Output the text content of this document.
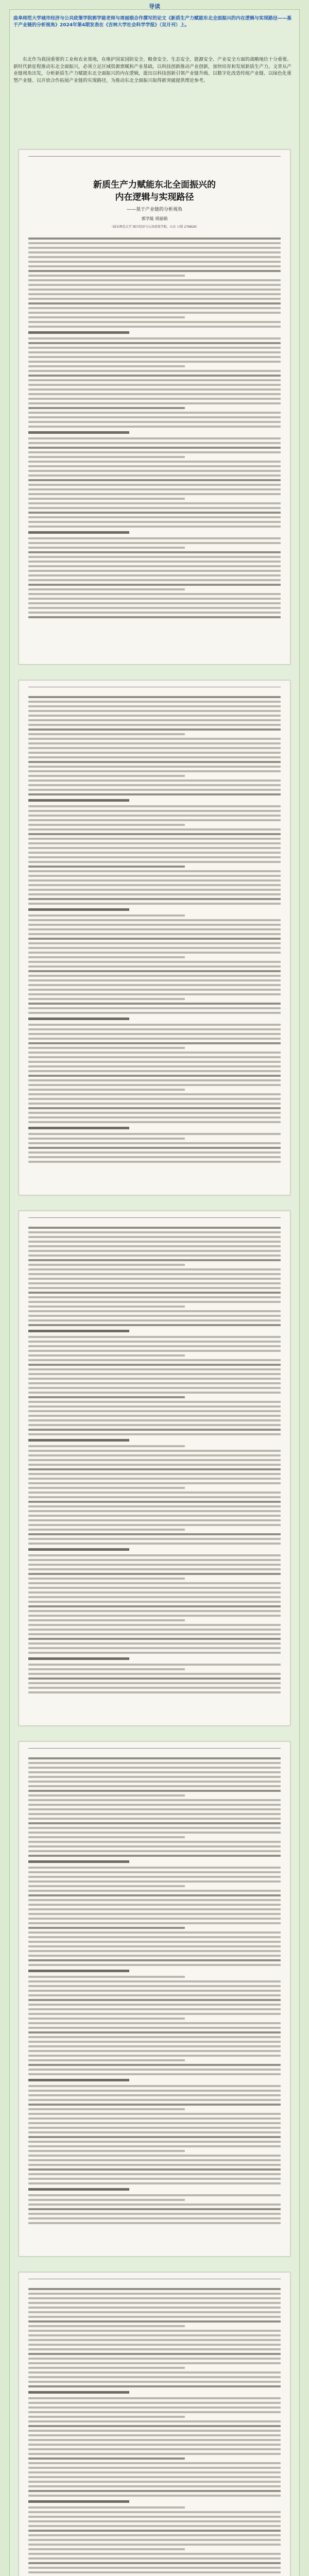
导读

曲阜师范大学城市经济与公共政策学院郭学能老师与周丽娟合作撰写的论文《新质生产力赋能东北全面振兴的内在逻辑与实现路径——基于产业链的分析视角》2024年第4期发表在《吉林大学社会科学学报》（双月刊）上。

东北作为我国重要的工业和农业基地，在维护国家国防安全、粮食安全、生态安全、能源安全、产业安全方面的战略地位十分重要。新时代新征程推动东北全面振兴，必须立足区域资源禀赋和产业基础，以科技创新推动产业创新，加快培育和发展新质生产力。文章从产业链视角出发，分析新质生产力赋能东北全面振兴的内在逻辑，提出以科技创新引领产业链升级、以数字化改造传统产业链、以绿色化重塑产业链、以开放合作拓展产业链的实现路径，为推动东北全面振兴取得新突破提供理论参考。

新质生产力赋能东北全面振兴的
内在逻辑与实现路径
——基于产业链的分析视角
郭学能 周丽娟
（曲阜师范大学 城市经济与公共政策学院，山东 日照 276826）
